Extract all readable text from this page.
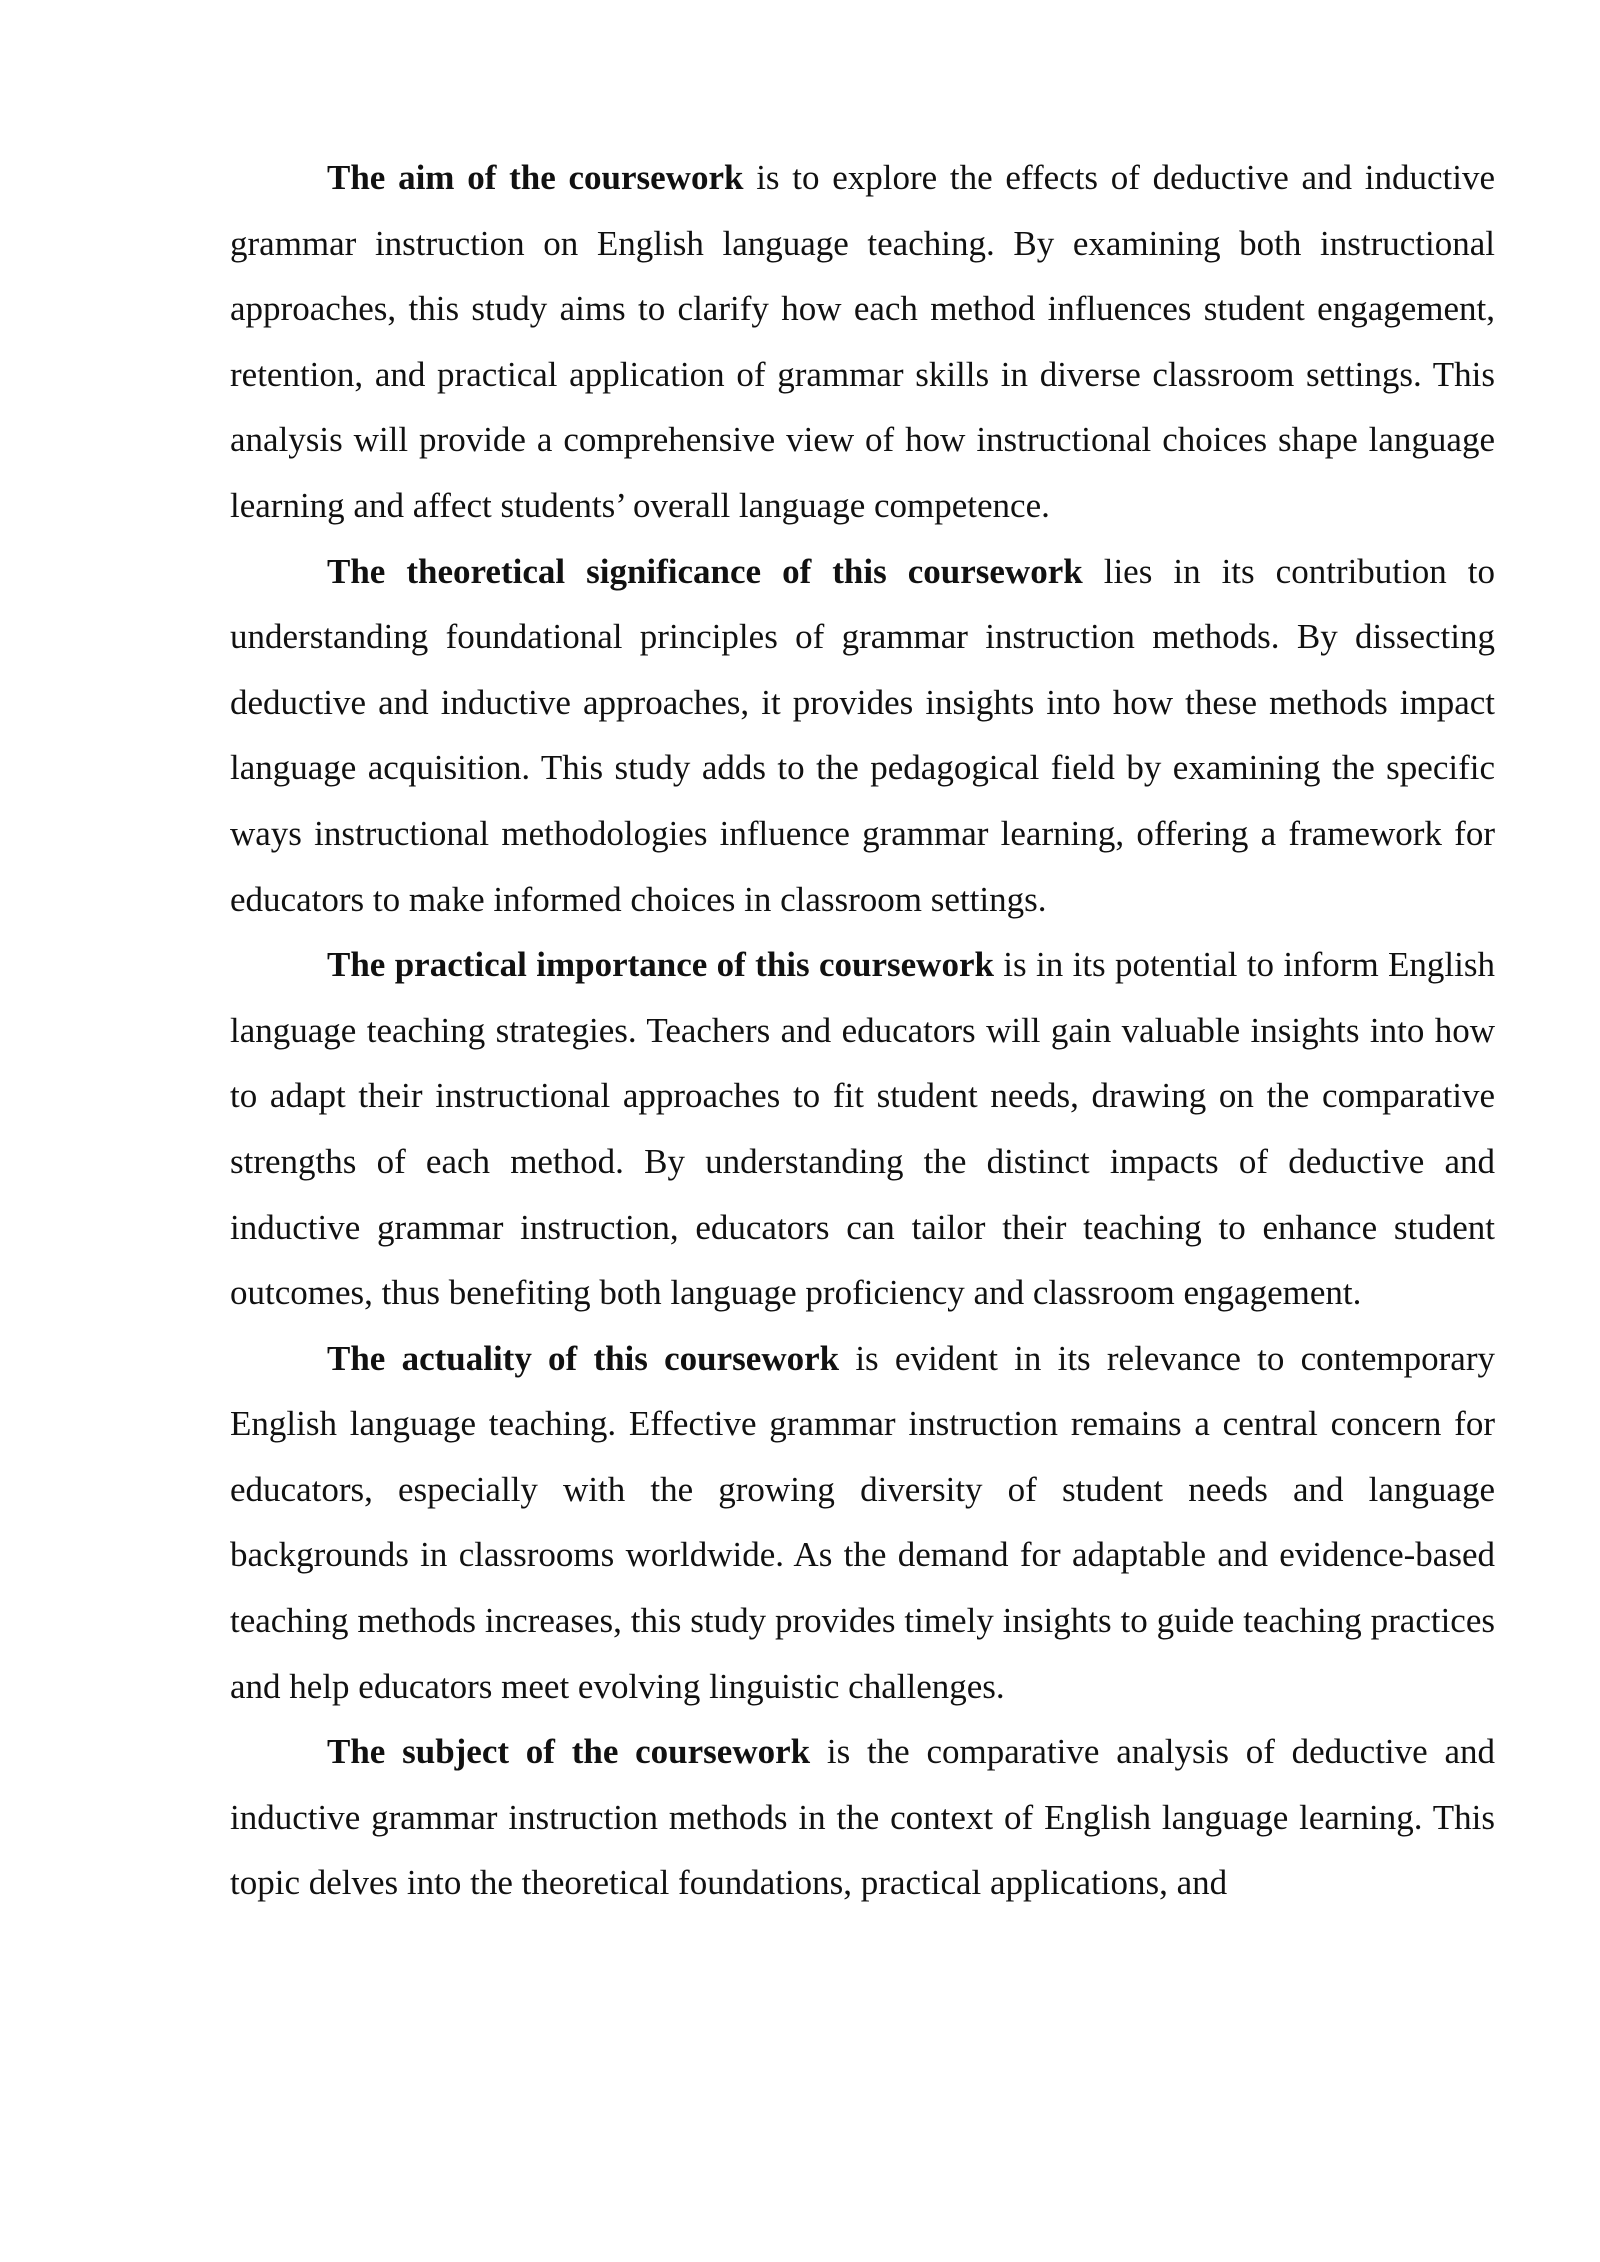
The aim of the coursework is to explore the effects of deductive and inductive grammar instruction on English language teaching. By examining both instructional approaches, this study aims to clarify how each method influences student engagement, retention, and practical application of grammar skills in diverse classroom settings. This analysis will provide a comprehensive view of how instructional choices shape language learning and affect students’ overall language competence.

The theoretical significance of this coursework lies in its contribution to understanding foundational principles of grammar instruction methods. By dissecting deductive and inductive approaches, it provides insights into how these methods impact language acquisition. This study adds to the pedagogical field by examining the specific ways instructional methodologies influence grammar learning, offering a framework for educators to make informed choices in classroom settings.

The practical importance of this coursework is in its potential to inform English language teaching strategies. Teachers and educators will gain valuable insights into how to adapt their instructional approaches to fit student needs, drawing on the comparative strengths of each method. By understanding the distinct impacts of deductive and inductive grammar instruction, educators can tailor their teaching to enhance student outcomes, thus benefiting both language proficiency and classroom engagement.

The actuality of this coursework is evident in its relevance to contemporary English language teaching. Effective grammar instruction remains a central concern for educators, especially with the growing diversity of student needs and language backgrounds in classrooms worldwide. As the demand for adaptable and evidence-based teaching methods increases, this study provides timely insights to guide teaching practices and help educators meet evolving linguistic challenges.

The subject of the coursework is the comparative analysis of deductive and inductive grammar instruction methods in the context of English language learning. This topic delves into the theoretical foundations, practical applications, and
